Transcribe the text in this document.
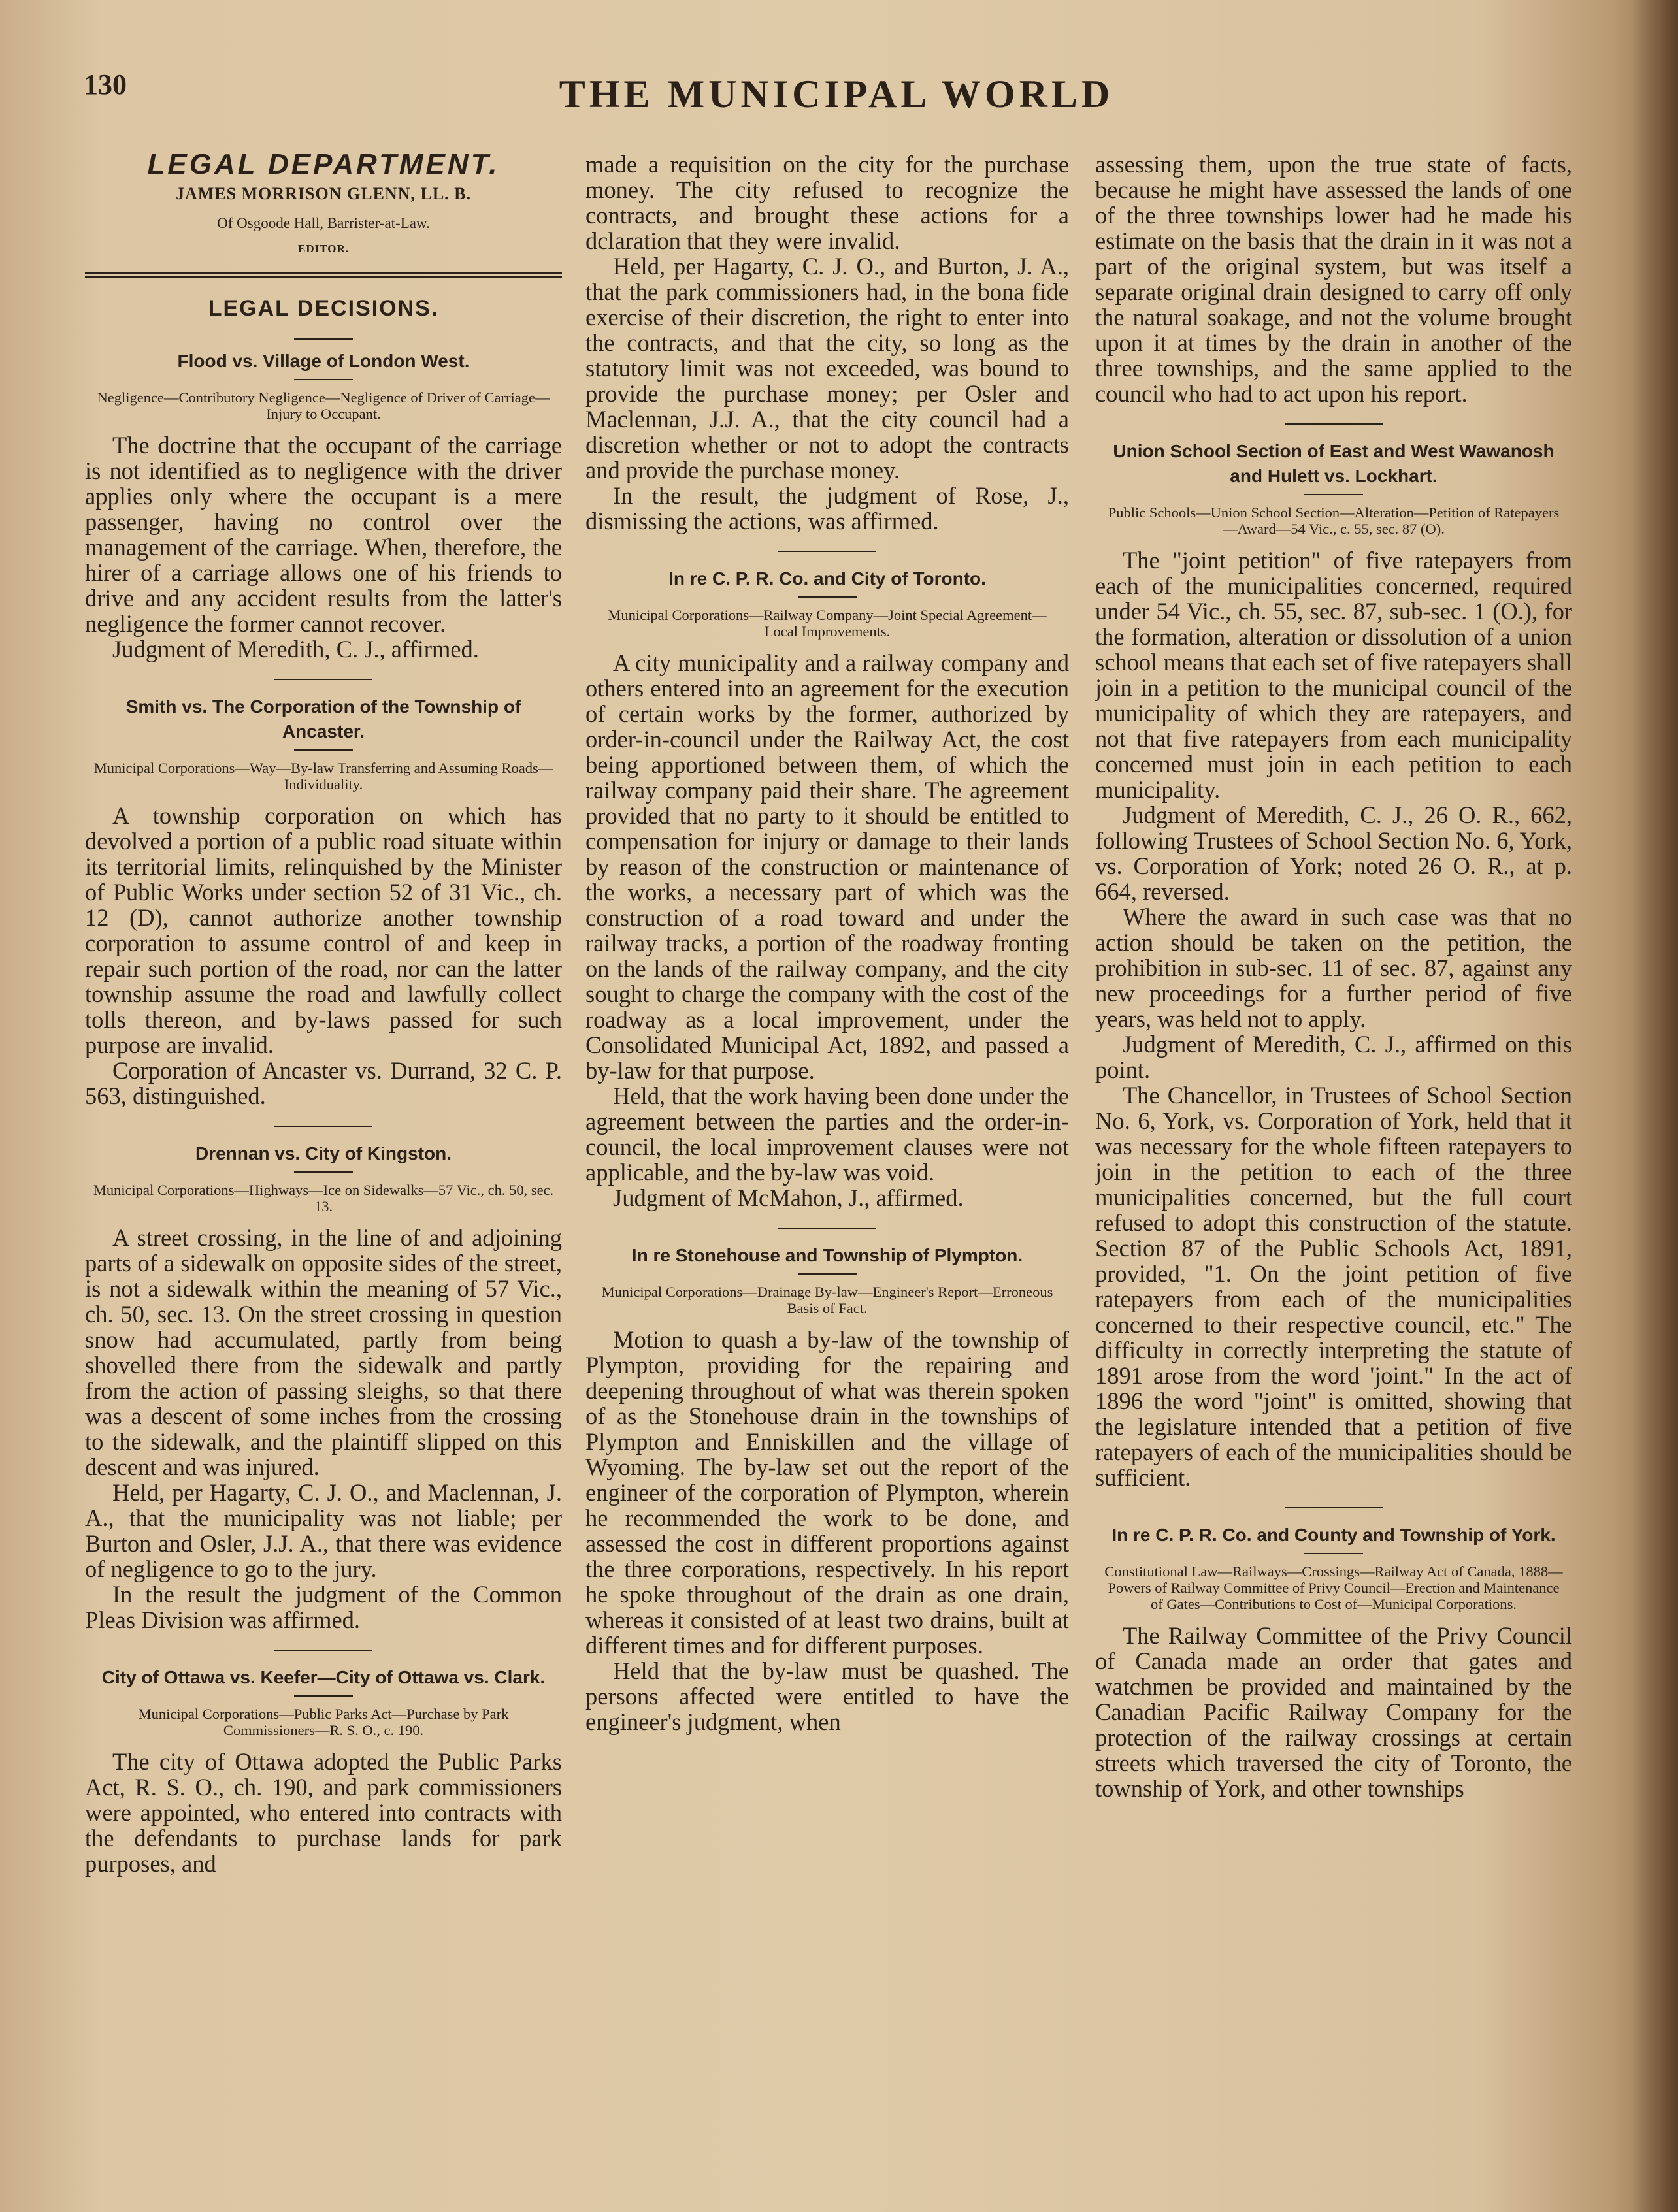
130	THE MUNICIPAL WORLD
LEGAL DEPARTMENT.
JAMES MORRISON GLENN, LL. B.
Of Osgoode Hall, Barrister-at-Law.
EDITOR.
LEGAL DECISIONS.
Flood vs. Village of London West.
Negligence—Contributory Negligence—Negligence of Driver of Carriage—Injury to Occupant.

The doctrine that the occupant of the carriage is not identified as to negligence with the driver applies only where the occupant is a mere passenger, having no control over the management of the carriage. When, therefore, the hirer of a carriage allows one of his friends to drive and any accident results from the latter's negligence the former cannot recover.

Judgment of Meredith, C. J., affirmed.

Smith vs. The Corporation of the Township of Ancaster.
Municipal Corporations—Way—By-law Transferring and Assuming Roads—Individuality.

A township corporation on which has devolved a portion of a public road situate within its territorial limits, relinquished by the Minister of Public Works under section 52 of 31 Vic., ch. 12 (D), cannot authorize another township corporation to assume control of and keep in repair such portion of the road, nor can the latter township assume the road and lawfully collect tolls thereon, and by-laws passed for such purpose are invalid.

Corporation of Ancaster vs. Durrand, 32 C. P. 563, distinguished.

Drennan vs. City of Kingston.
Municipal Corporations—Highways—Ice on Sidewalks—57 Vic., ch. 50, sec. 13.

A street crossing, in the line of and adjoining parts of a sidewalk on opposite sides of the street, is not a sidewalk within the meaning of 57 Vic., ch. 50, sec. 13. On the street crossing in question snow had accumulated, partly from being shovelled there from the sidewalk and partly from the action of passing sleighs, so that there was a descent of some inches from the crossing to the sidewalk, and the plaintiff slipped on this descent and was injured.

Held, per Hagarty, C. J. O., and Maclennan, J. A., that the municipality was not liable; per Burton and Osler, J.J. A., that there was evidence of negligence to go to the jury.

In the result the judgment of the Common Pleas Division was affirmed.

City of Ottawa vs. Keefer—City of Ottawa vs. Clark.
Municipal Corporations—Public Parks Act—Purchase by Park Commissioners—R. S. O., c. 190.

The city of Ottawa adopted the Public Parks Act, R. S. O., ch. 190, and park commissioners were appointed, who entered into contracts with the defendants to purchase lands for park purposes, and

made a requisition on the city for the purchase money. The city refused to recognize the contracts, and brought these actions for a dclaration that they were invalid.

Held, per Hagarty, C. J. O., and Burton, J. A., that the park commissioners had, in the bona fide exercise of their discretion, the right to enter into the contracts, and that the city, so long as the statutory limit was not exceeded, was bound to provide the purchase money; per Osler and Maclennan, J.J. A., that the city council had a discretion whether or not to adopt the contracts and provide the purchase money.

In the result, the judgment of Rose, J., dismissing the actions, was affirmed.

In re C. P. R. Co. and City of Toronto.
Municipal Corporations—Railway Company—Joint Special Agreement—Local Improvements.

A city municipality and a railway company and others entered into an agreement for the execution of certain works by the former, authorized by order-in-council under the Railway Act, the cost being apportioned between them, of which the railway company paid their share. The agreement provided that no party to it should be entitled to compensation for injury or damage to their lands by reason of the construction or maintenance of the works, a necessary part of which was the construction of a road toward and under the railway tracks, a portion of the roadway fronting on the lands of the railway company, and the city sought to charge the company with the cost of the roadway as a local improvement, under the Consolidated Municipal Act, 1892, and passed a by-law for that purpose.

Held, that the work having been done under the agreement between the parties and the order-in-council, the local improvement clauses were not applicable, and the by-law was void.

Judgment of McMahon, J., affirmed.

In re Stonehouse and Township of Plympton.
Municipal Corporations—Drainage By-law—Engineer's Report—Erroneous Basis of Fact.

Motion to quash a by-law of the township of Plympton, providing for the repairing and deepening throughout of what was therein spoken of as the Stonehouse drain in the townships of Plympton and Enniskillen and the village of Wyoming. The by-law set out the report of the engineer of the corporation of Plympton, wherein he recommended the work to be done, and assessed the cost in different proportions against the three corporations, respectively. In his report he spoke throughout of the drain as one drain, whereas it consisted of at least two drains, built at different times and for different purposes.

Held that the by-law must be quashed. The persons affected were entitled to have the engineer's judgment, when

assessing them, upon the true state of facts, because he might have assessed the lands of one of the three townships lower had he made his estimate on the basis that the drain in it was not a part of the original system, but was itself a separate original drain designed to carry off only the natural soakage, and not the volume brought upon it at times by the drain in another of the three townships, and the same applied to the council who had to act upon his report.

Union School Section of East and West Wawanosh and Hulett vs. Lockhart.
Public Schools—Union School Section—Alteration—Petition of Ratepayers—Award—54 Vic., c. 55, sec. 87 (O).

The "joint petition" of five ratepayers from each of the municipalities concerned, required under 54 Vic., ch. 55, sec. 87, sub-sec. 1 (O.), for the formation, alteration or dissolution of a union school means that each set of five ratepayers shall join in a petition to the municipal council of the municipality of which they are ratepayers, and not that five ratepayers from each municipality concerned must join in each petition to each municipality.

Judgment of Meredith, C. J., 26 O. R., 662, following Trustees of School Section No. 6, York, vs. Corporation of York; noted 26 O. R., at p. 664, reversed.

Where the award in such case was that no action should be taken on the petition, the prohibition in sub-sec. 11 of sec. 87, against any new proceedings for a further period of five years, was held not to apply.

Judgment of Meredith, C. J., affirmed on this point.

The Chancellor, in Trustees of School Section No. 6, York, vs. Corporation of York, held that it was necessary for the whole fifteen ratepayers to join in the petition to each of the three municipalities concerned, but the full court refused to adopt this construction of the statute. Section 87 of the Public Schools Act, 1891, provided, "1. On the joint petition of five ratepayers from each of the municipalities concerned to their respective council, etc." The difficulty in correctly interpreting the statute of 1891 arose from the word 'joint." In the act of 1896 the word "joint" is omitted, showing that the legislature intended that a petition of five ratepayers of each of the municipalities should be sufficient.

In re C. P. R. Co. and County and Township of York.
Constitutional Law—Railways—Crossings—Railway Act of Canada, 1888—Powers of Railway Committee of Privy Council—Erection and Maintenance of Gates—Contributions to Cost of—Municipal Corporations.

The Railway Committee of the Privy Council of Canada made an order that gates and watchmen be provided and maintained by the Canadian Pacific Railway Company for the protection of the railway crossings at certain streets which traversed the city of Toronto, the township of York, and other townships
